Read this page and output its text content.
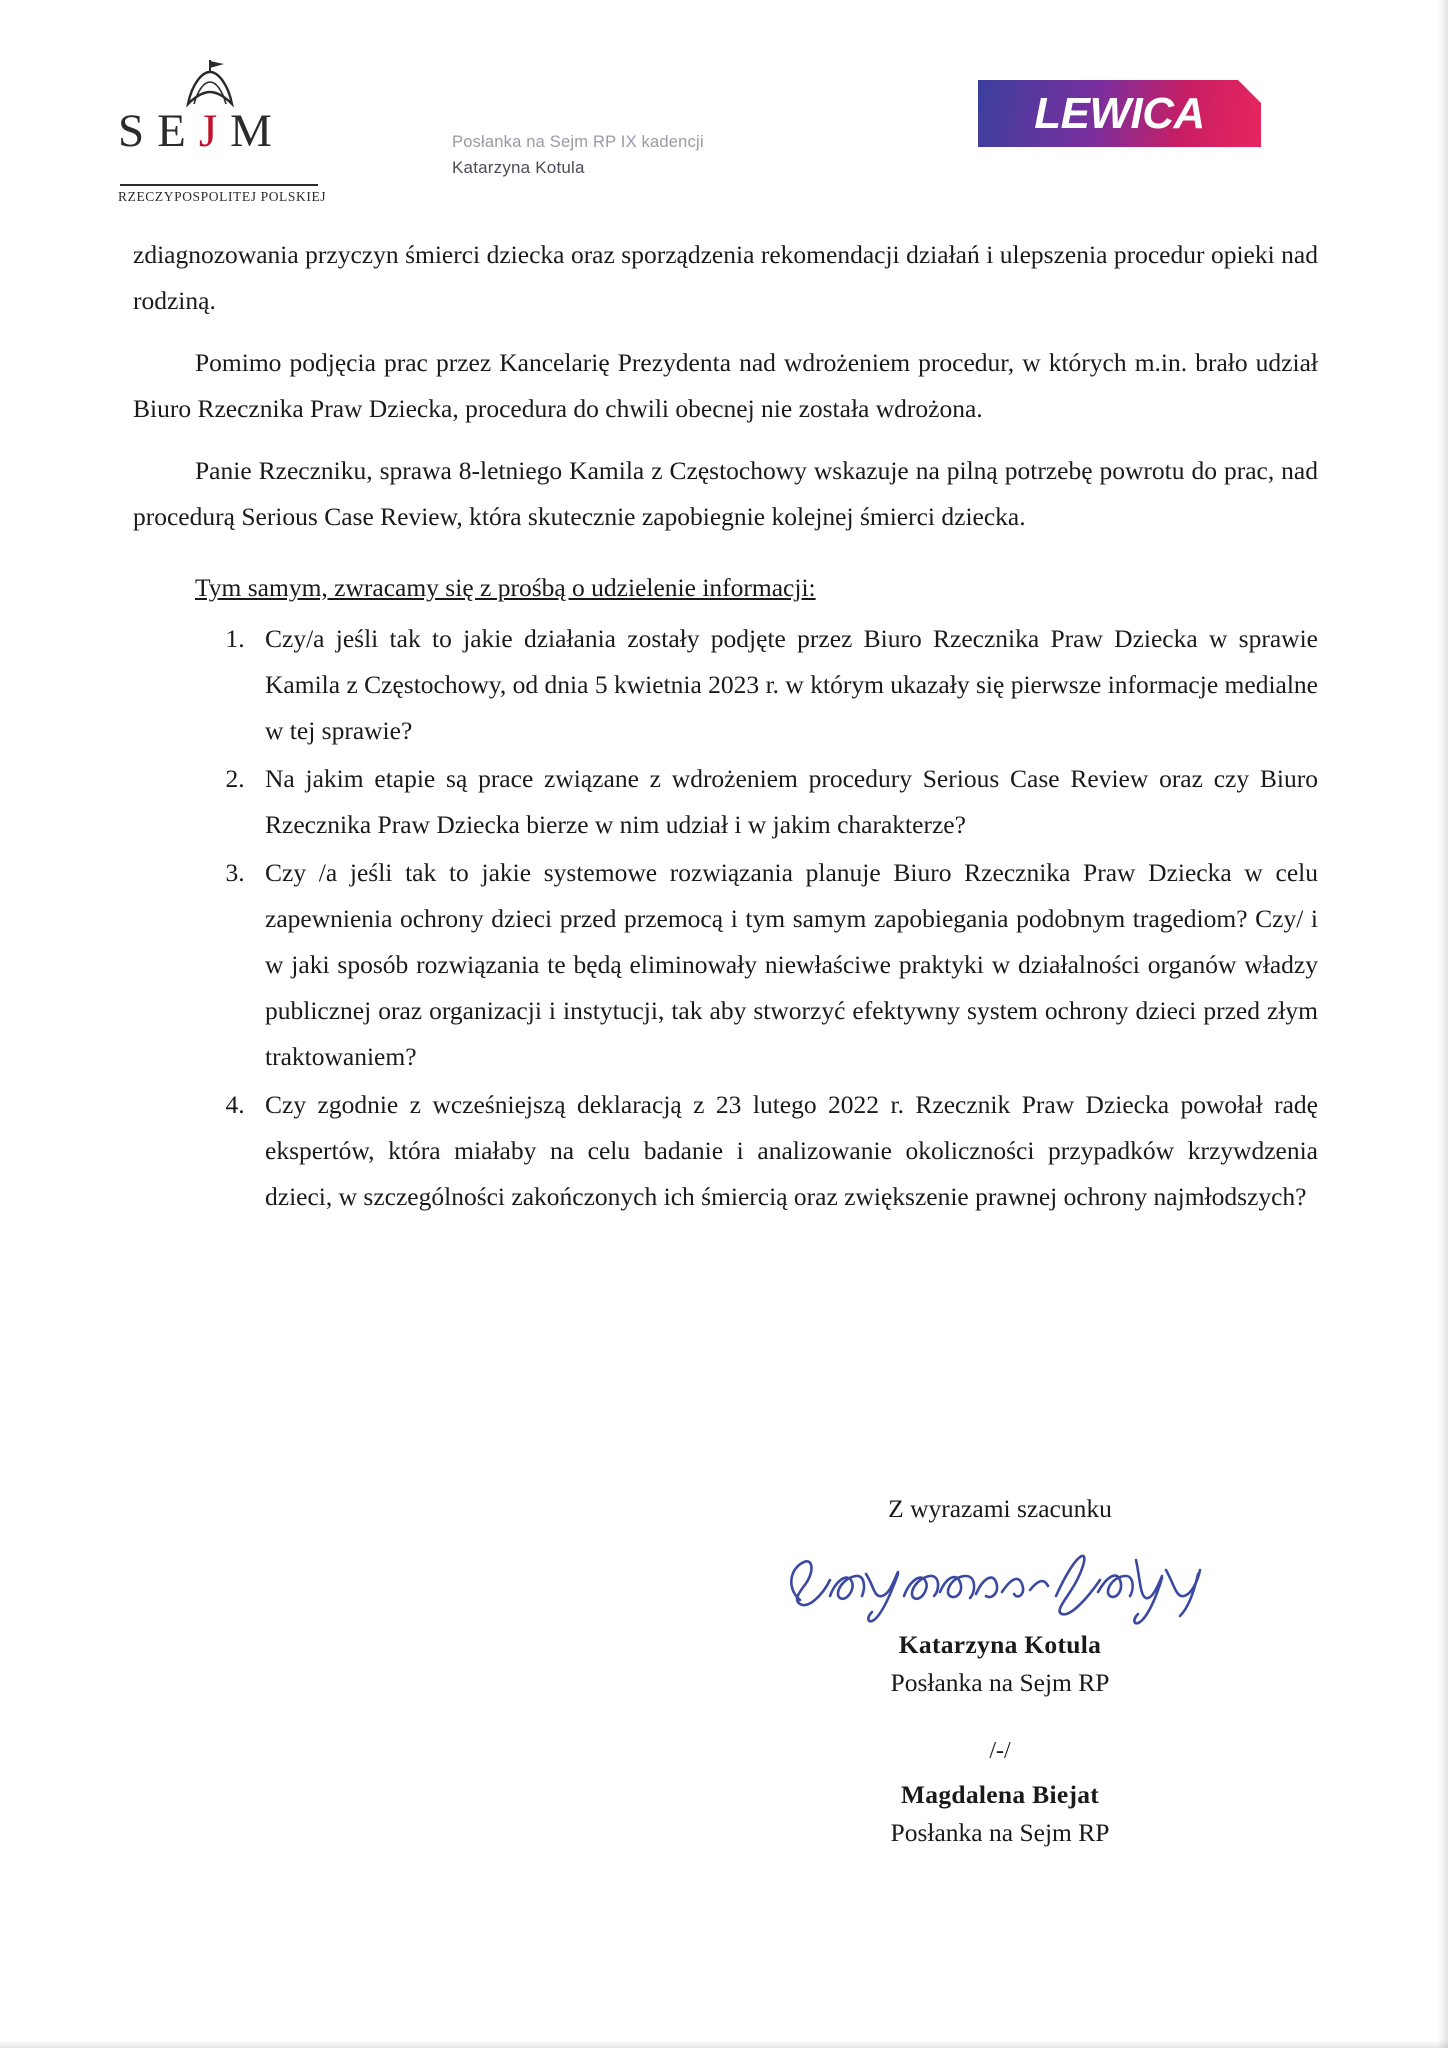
SEJM
RZECZYPOSPOLITEJ POLSKIEJ
Posłanka na Sejm RP IX kadencji
Katarzyna Kotula
LEWICA

zdiagnozowania przyczyn śmierci dziecka oraz sporządzenia rekomendacji działań i ulepszenia procedur opieki nad rodziną.

Pomimo podjęcia prac przez Kancelarię Prezydenta nad wdrożeniem procedur, w których m.in. brało udział Biuro Rzecznika Praw Dziecka, procedura do chwili obecnej nie została wdrożona.

Panie Rzeczniku, sprawa 8-letniego Kamila z Częstochowy wskazuje na pilną potrzebę powrotu do prac, nad procedurą Serious Case Review, która skutecznie zapobiegnie kolejnej śmierci dziecka.

Tym samym, zwracamy się z prośbą o udzielenie informacji:
1. Czy/a jeśli tak to jakie działania zostały podjęte przez Biuro Rzecznika Praw Dziecka w sprawie Kamila z Częstochowy, od dnia 5 kwietnia 2023 r. w którym ukazały się pierwsze informacje medialne w tej sprawie?
2. Na jakim etapie są prace związane z wdrożeniem procedury Serious Case Review oraz czy Biuro Rzecznika Praw Dziecka bierze w nim udział i w jakim charakterze?
3. Czy /a jeśli tak to jakie systemowe rozwiązania planuje Biuro Rzecznika Praw Dziecka w celu zapewnienia ochrony dzieci przed przemocą i tym samym zapobiegania podobnym tragediom? Czy/ i w jaki sposób rozwiązania te będą eliminowały niewłaściwe praktyki w działalności organów władzy publicznej oraz organizacji i instytucji, tak aby stworzyć efektywny system ochrony dzieci przed złym traktowaniem?
4. Czy zgodnie z wcześniejszą deklaracją z 23 lutego 2022 r. Rzecznik Praw Dziecka powołał radę ekspertów, która miałaby na celu badanie i analizowanie okoliczności przypadków krzywdzenia dzieci, w szczególności zakończonych ich śmiercią oraz zwiększenie prawnej ochrony najmłodszych?
Z wyrazami szacunku
Katarzyna Kotula
Posłanka na Sejm RP
/-/
Magdalena Biejat
Posłanka na Sejm RP
